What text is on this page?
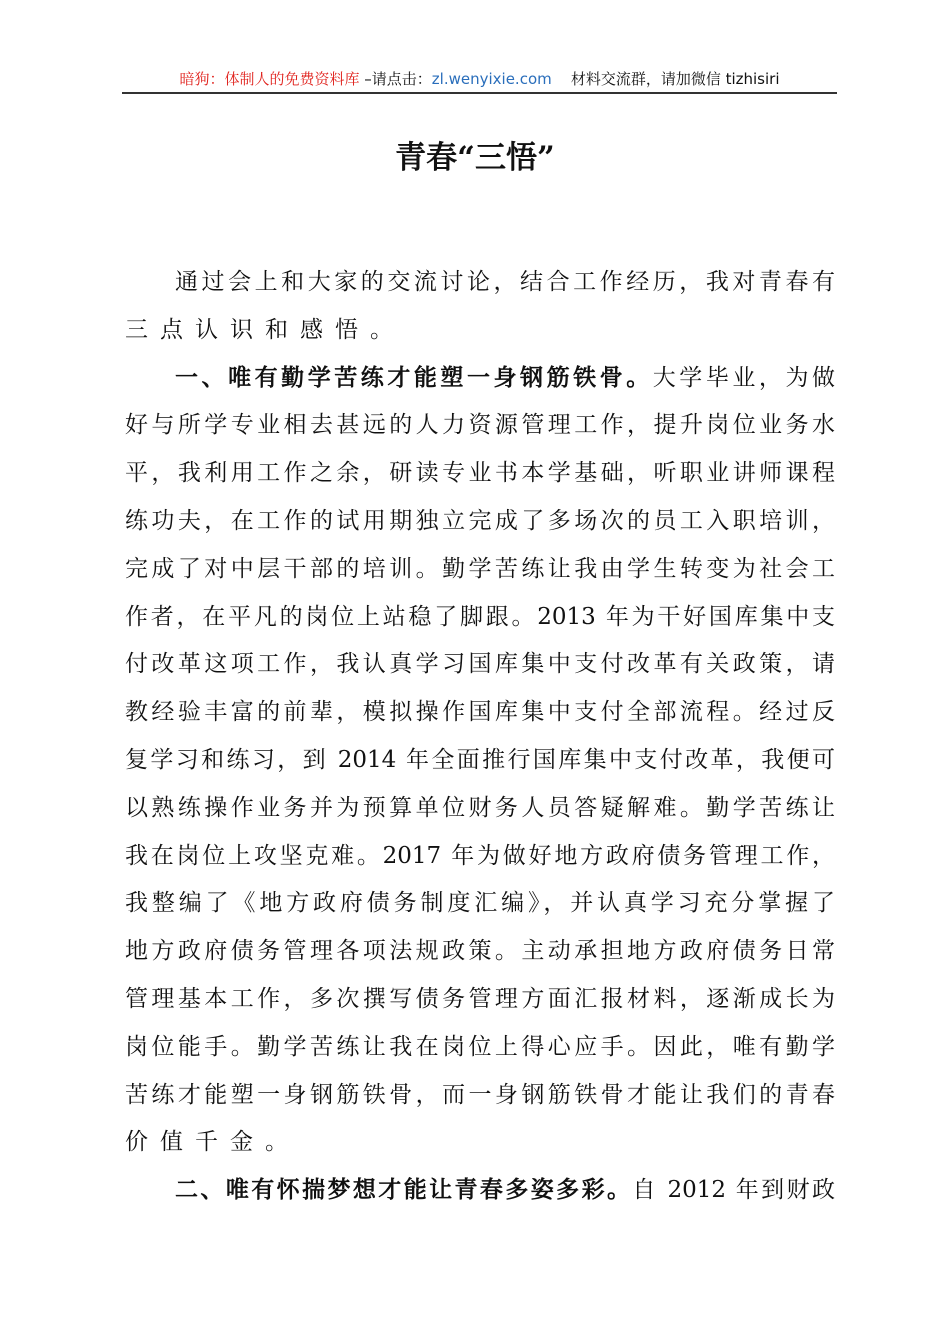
暗狗：体制人的免费资料库 –请点击：zl.wenyixie.com 材料交流群，请加微信 tizhisiri
青春“三悟”
通过会上和大家的交流讨论，结合工作经历，我对青春有
三点认识和感悟。
一、唯有勤学苦练才能塑一身钢筋铁骨。大学毕业，为做
好与所学专业相去甚远的人力资源管理工作，提升岗位业务水
平，我利用工作之余，研读专业书本学基础，听职业讲师课程
练功夫，在工作的试用期独立完成了多场次的员工入职培训，
完成了对中层干部的培训。勤学苦练让我由学生转变为社会工
作者，在平凡的岗位上站稳了脚跟。2013 年为干好国库集中支
付改革这项工作，我认真学习国库集中支付改革有关政策，请
教经验丰富的前辈，模拟操作国库集中支付全部流程。经过反
复学习和练习，到 2014 年全面推行国库集中支付改革，我便可
以熟练操作业务并为预算单位财务人员答疑解难。勤学苦练让
我在岗位上攻坚克难。2017 年为做好地方政府债务管理工作，
我整编了《地方政府债务制度汇编》，并认真学习充分掌握了
地方政府债务管理各项法规政策。主动承担地方政府债务日常
管理基本工作，多次撰写债务管理方面汇报材料，逐渐成长为
岗位能手。勤学苦练让我在岗位上得心应手。因此，唯有勤学
苦练才能塑一身钢筋铁骨，而一身钢筋铁骨才能让我们的青春
价值千金。
二、唯有怀揣梦想才能让青春多姿多彩。自 2012 年到财政
